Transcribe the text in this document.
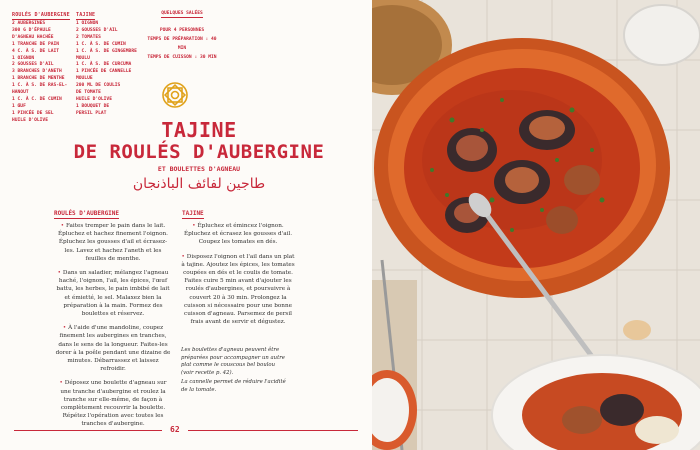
ROULÉS D'AUBERGINE
2 AUBERGINES
300 G D'ÉPAULE
D'AGNEAU HACHÉE
1 TRANCHE DE PAIN
4 C. À S. DE LAIT
1 OIGNON
2 GOUSSES D'AIL
3 BRANCHES D'ANETH
1 BRANCHE DE MENTHE
1 C. À S. DE RAS-EL-
HANOUT
1 C. À C. DE CUMIN
1 ŒUF
1 PINCÉE DE SEL
HUILE D'OLIVE
TAJINE
1 OIGNON
2 GOUSSES D'AIL
2 TOMATES
1 C. À S. DE CUMIN
1 C. À S. DE GINGEMBRE
MOULU
1 C. À S. DE CURCUMA
1 PINCÉE DE CANNELLE
MOULUE
200 ML DE COULIS
DE TOMATE
HUILE D'OLIVE
1 BOUQUET DE
PERSIL PLAT
QUELQUES SALÉES
POUR 4 PERSONNES
TEMPS DE PRÉPARATION : 40 MIN
TEMPS DE CUISSON : 30 MIN
TAJINE
DE ROULÉS D'AUBERGINE
ET BOULETTES D'AGNEAU
طاجين لفائف الباذنجان
ROULÉS D'AUBERGINE
• Faites tremper le pain dans le lait. Épluchez et hachez finement l'oignon. Épluchez les gousses d'ail et écrasez-les. Lavez et hachez l'aneth et les feuilles de menthe.
• Dans un saladier, mélangez l'agneau haché, l'oignon, l'ail, les épices, l'œuf battu, les herbes, le pain imbibé de lait et émietté, le sel. Malaxez bien la préparation à la main. Formez des boulettes et réservez.
• À l'aide d'une mandoline, coupez finement les aubergines en tranches, dans le sens de la longueur. Faites-les dorer à la poêle pendant une dizaine de minutes. Débarrassez et laissez refroidir.
• Déposez une boulette d'agneau sur une tranche d'aubergine et roulez la tranche sur elle-même, de façon à complètement recouvrir la boulette. Répétez l'opération avec toutes les tranches d'aubergine.
TAJINE
• Épluchez et émincez l'oignon. Épluchez et écrasez les gousses d'ail. Coupez les tomates en dés.
• Disposez l'oignon et l'ail dans un plat à tajine. Ajoutez les épices, les tomates coupées en dés et le coulis de tomate. Faites cuire 5 min avant d'ajouter les roulés d'aubergines, et poursuivre à couvert 20 à 30 min. Prolongez la cuisson si nécessaire pour une bonne cuisson d'agneau. Parsemez de persil frais avant de servir et dégustez.
Les boulettes d'agneau peuvent être préparées pour accompagner un autre plat comme le couscous bel boulou (voir recette p. 42).
La cannelle permet de réduire l'acidité de la tomate.
62
